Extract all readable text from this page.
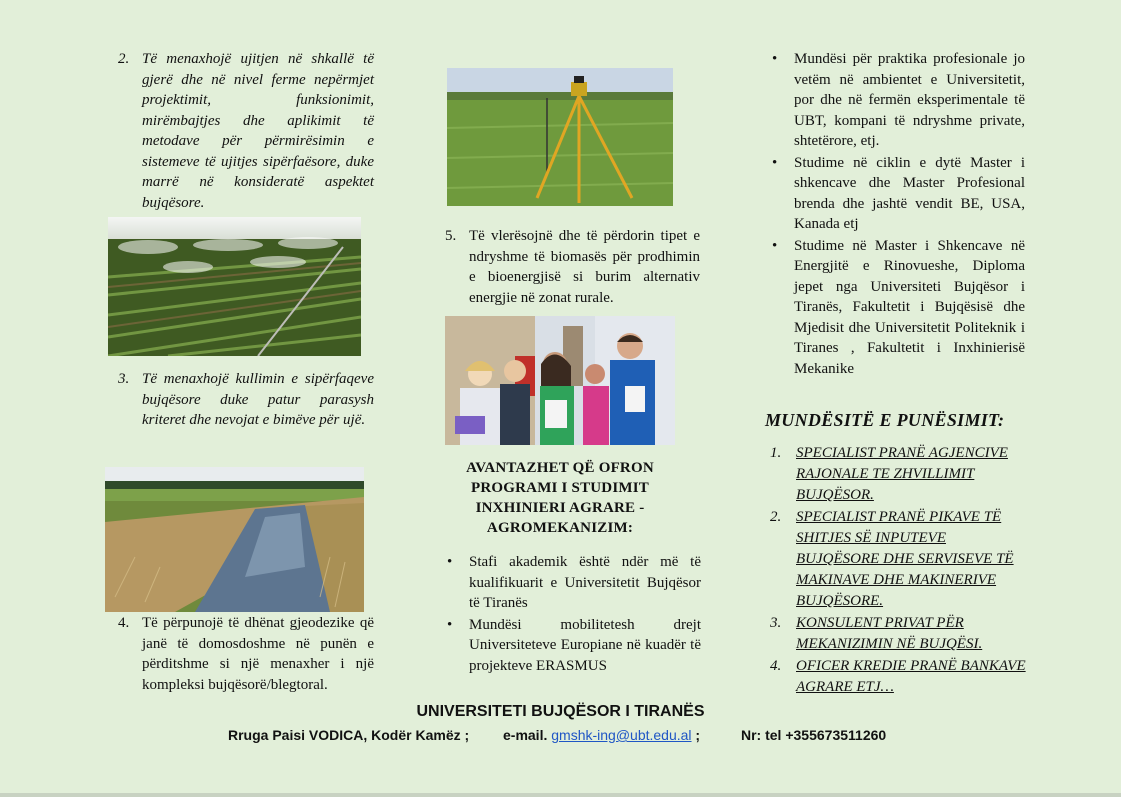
2. Të menaxhojë ujitjen në shkallë të gjerë dhe në nivel ferme nepërmjet projektimit, funksionimit, mirëmbajtjes dhe aplikimit të metodave për përmirësimin e sistemeve të ujitjes sipërfaësore, duke marrë në konsideratë aspektet bujqësore.
3. Të menaxhojë kullimin e sipërfaqeve bujqësore duke patur parasysh kriteret dhe nevojat e bimëve për ujë.
4. Të përpunojë të dhënat gjeodezike që janë të domosdoshme në punën e përditshme si një menaxher i një kompleksi bujqësorë/blegtoral.
5. Të vlerësojnë dhe të përdorin tipet e ndryshme të biomasës për prodhimin e bioenergjisë si burim alternativ energjie në zonat rurale.
AVANTAZHET QË OFRON PROGRAMI I STUDIMIT INXHINIERI AGRARE - AGROMEKANIZIM:
• Stafi akademik është ndër më të kualifikuarit e Universitetit Bujqësor të Tiranës
• Mundësi mobilitetesh drejt Universiteteve Europiane në kuadër të projekteve ERASMUS
• Mundësi për praktika profesionale jo vetëm në ambientet e Universitetit, por dhe në fermën eksperimentale të UBT, kompani të ndryshme private, shtetërore, etj.
• Studime në ciklin e dytë Master i shkencave dhe Master Profesional brenda dhe jashtë vendit BE, USA, Kanada etj
• Studime në Master i Shkencave në Energjitë e Rinovueshe, Diploma jepet nga Universiteti Bujqësor i Tiranës, Fakultetit i Bujqësisë dhe Mjedisit dhe Universitetit Politeknik i Tiranes , Fakultetit i Inxhinierisë Mekanike
MUNDËSITË E PUNËSIMIT:
1. SPECIALIST PRANË AGJENCIVE RAJONALE TE ZHVILLIMIT BUJQËSOR.
2. SPECIALIST PRANË PIKAVE TË SHITJES SË INPUTEVE BUJQËSORE DHE SERVISEVE TË MAKINAVE DHE MAKINERIVE BUJQËSORE.
3. KONSULENT PRIVAT PËR MEKANIZIMIN NË BUJQËSI.
4. OFICER KREDIE PRANË BANKAVE AGRARE ETJ…
UNIVERSITETI BUJQËSOR I TIRANËS
Rruga Paisi VODICA, Kodër Kamëz ; e-mail. gmshk-ing@ubt.edu.al ;	Nr: tel +355673511260
